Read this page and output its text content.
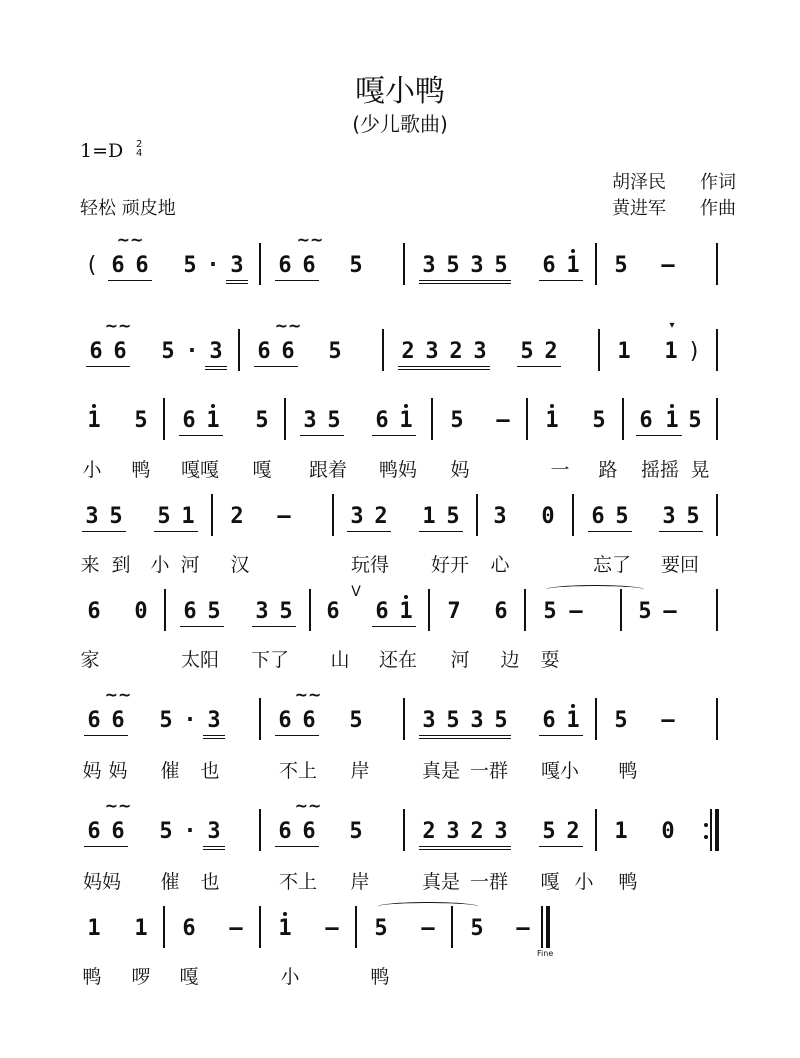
嘎小鸭
(少儿歌曲)
1=D 2
4
轻松 顽皮地
胡泽民 作词
黄进军 作曲
(
~~
6 6 5 · 3
~~
6 6 5	3 5 3 5 6 1 5 —
~~
6 6 5 · 3
~~
6 6 5	2 3 2 3 5 2	1
▾
1 )
1 5 6 1 5 3 5 6 1 5 — 1 5 6 1 5
小 鸭 嘎嘎 嘎 跟着 鸭妈 妈	一 路 摇摇 晃
3 5 5 1 2 —	3 2 1 5 3 0 6 5 3 5
来 到 小 河 汉	玩得 好开 心	忘了 要回
6 0 6 5 3 5 6
V
6 1 7 6 5 —	5 —
家	太阳 下了 山 还在 河 边 耍
~~
6 6 5 · 3
~~
6 6 5	3 5 3 5 6 1 5 —
妈 妈 催 也	不上 岸	真是 一群 嘎小 鸭
~~
6 6 5 · 3
~~
6 6 5	2 3 2 3 5 2 1 0
妈妈 催 也	不上 岸	真是 一群 嘎 小 鸭
1 1 6 — 1 — 5 — 5 —
Fine
鸭 啰 嘎	小	鸭
